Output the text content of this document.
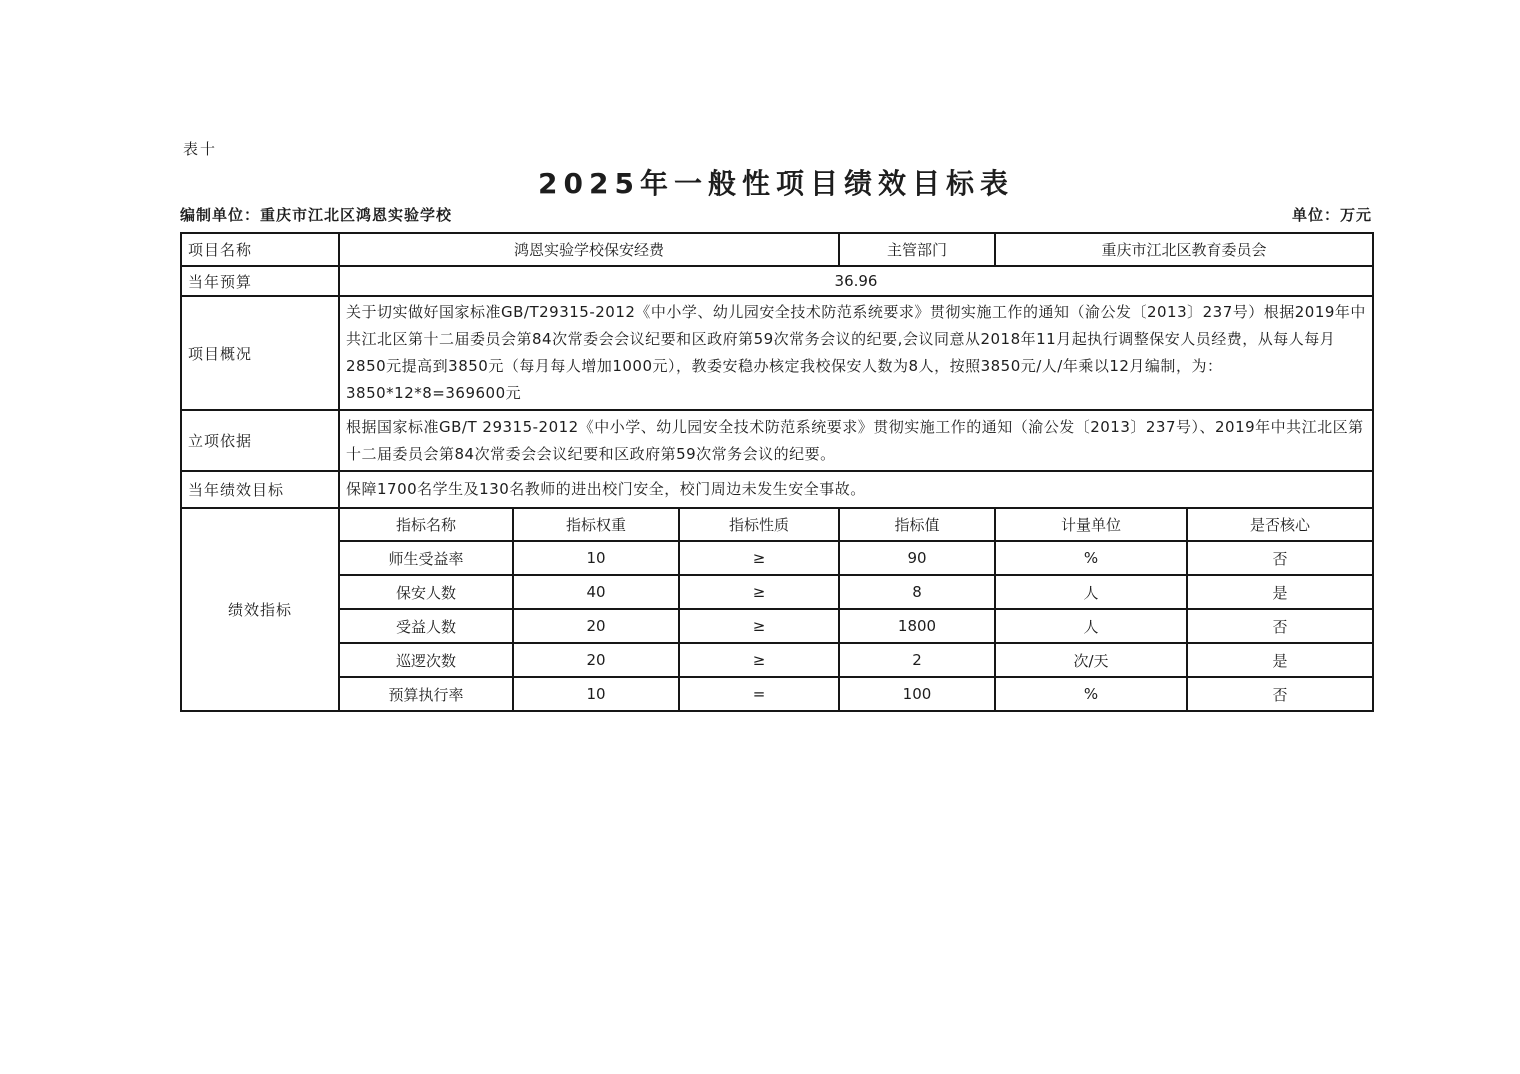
表十
2025年一般性项目绩效目标表
编制单位：重庆市江北区鸿恩实验学校	单位：万元
项目名称	鸿恩实验学校保安经费			主管部门	重庆市江北区教育委员会	
当年预算	36.96					
项目概况	关于切实做好国家标准GB/T29315-2012《中小学、幼儿园安全技术防范系统要求》贯彻实施工作的通知（渝公发〔2013〕237号）根据2019年中共江北区第十二届委员会第84次常委会会议纪要和区政府第59次常务会议的纪要,会议同意从2018年11月起执行调整保安人员经费，从每人每月2850元提高到3850元（每月每人增加1000元），教委安稳办核定我校保安人数为8人，按照3850元/人/年乘以12月编制，为：3850*12*8=369600元					
立项依据	根据国家标准GB/T 29315-2012《中小学、幼儿园安全技术防范系统要求》贯彻实施工作的通知（渝公发〔2013〕237号）、2019年中共江北区第十二届委员会第84次常委会会议纪要和区政府第59次常务会议的纪要。					
当年绩效目标	保障1700名学生及130名教师的进出校门安全，校门周边未发生安全事故。					
绩效指标	指标名称	指标权重	指标性质	指标值	计量单位	是否核心
	师生受益率	10	≥	90	%	否
	保安人数	40	≥	8	人	是
	受益人数	20	≥	1800	人	否
	巡逻次数	20	≥	2	次/天	是
	预算执行率	10	=	100	%	否
